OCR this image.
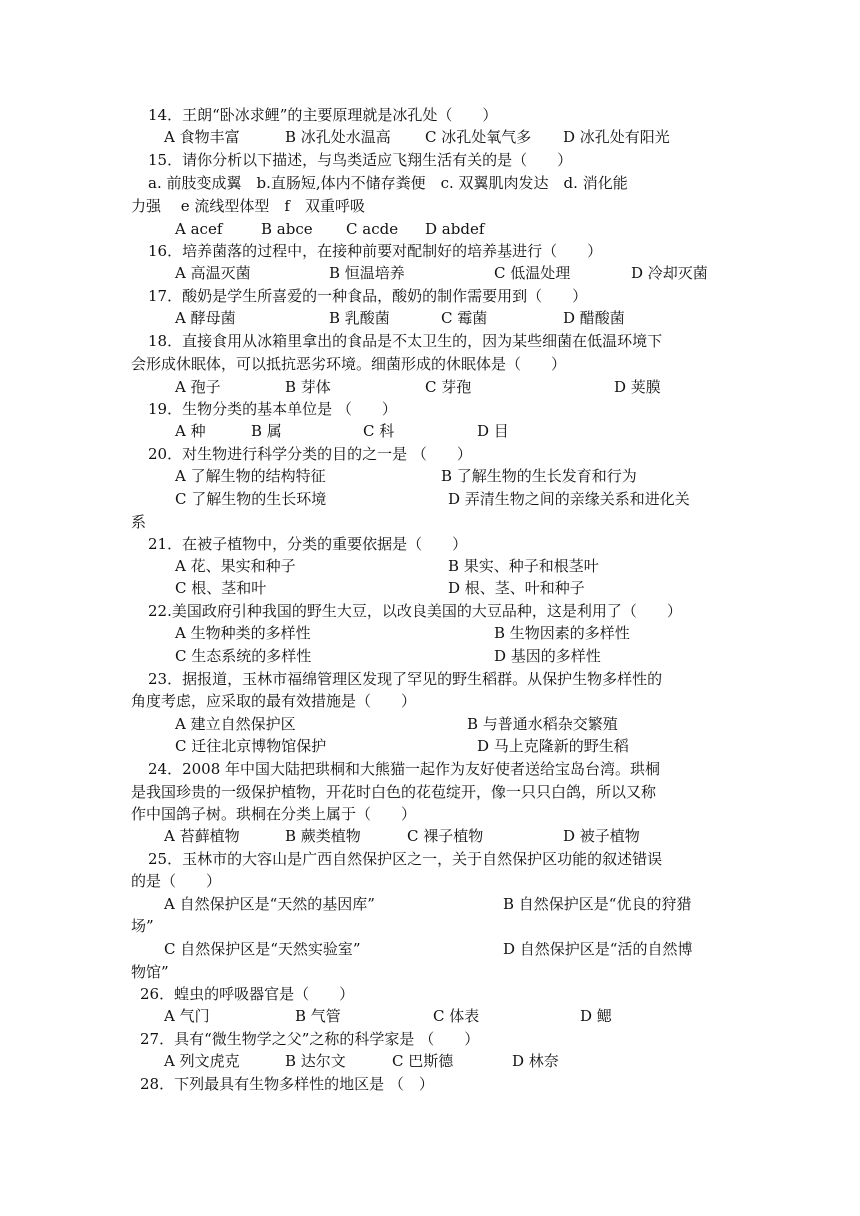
14．王朗“卧冰求鲤”的主要原理就是冰孔处（　　）
A 食物丰富	B 冰孔处水温高 C 冰孔处氧气多 D 冰孔处有阳光
15．请你分析以下描述，与鸟类适应飞翔生活有关的是（　　）
a. 前肢变成翼　b.直肠短,体内不储存粪便　c. 双翼肌肉发达　d. 消化能
力强　 e 流线型体型　f　双重呼吸
A acef	B abce C acde D abdef
16．培养菌落的过程中，在接种前要对配制好的培养基进行（　　）
A 高温灭菌	B 恒温培养	C 低温处理	D 冷却灭菌
17．酸奶是学生所喜爱的一种食品，酸奶的制作需要用到（　　）
A 酵母菌	B 乳酸菌	C 霉菌	D 醋酸菌
18．直接食用从冰箱里拿出的食品是不太卫生的，因为某些细菌在低温环境下
会形成休眠体，可以抵抗恶劣环境。细菌形成的休眠体是（　　）
A 孢子	B 芽体	C 芽孢	D 荚膜
19．生物分类的基本单位是 （　　）
A 种	B 属	C 科	D 目
20．对生物进行科学分类的目的之一是 （　　）
A 了解生物的结构特征	B 了解生物的生长发育和行为
C 了解生物的生长环境	D 弄清生物之间的亲缘关系和进化关
系
21．在被子植物中，分类的重要依据是（　　）
A 花、果实和种子	B 果实、种子和根茎叶
C 根、茎和叶	D 根、茎、叶和种子
22.美国政府引种我国的野生大豆，以改良美国的大豆品种，这是利用了（　　）
A 生物种类的多样性	B 生物因素的多样性
C 生态系统的多样性	D 基因的多样性
23．据报道，玉林市福绵管理区发现了罕见的野生稻群。从保护生物多样性的
角度考虑，应采取的最有效措施是（　　）
A 建立自然保护区	B 与普通水稻杂交繁殖
C 迁往北京博物馆保护	D 马上克隆新的野生稻
24．2008 年中国大陆把珙桐和大熊猫一起作为友好使者送给宝岛台湾。珙桐
是我国珍贵的一级保护植物，开花时白色的花苞绽开，像一只只白鸽，所以又称
作中国鸽子树。珙桐在分类上属于（　　）
A 苔藓植物	B 蕨类植物	C 裸子植物	D 被子植物
25．玉林市的大容山是广西自然保护区之一，关于自然保护区功能的叙述错误
的是（　　）
A 自然保护区是“天然的基因库”	B 自然保护区是“优良的狩猎
场”
C 自然保护区是“天然实验室”	D 自然保护区是“活的自然博
物馆”
26．蝗虫的呼吸器官是（　　）
A 气门	B 气管	C 体表	D 鳃
27．具有“微生物学之父”之称的科学家是 （　　）
A 列文虎克	B 达尔文	C 巴斯德	D 林奈
28．下列最具有生物多样性的地区是 （　）
